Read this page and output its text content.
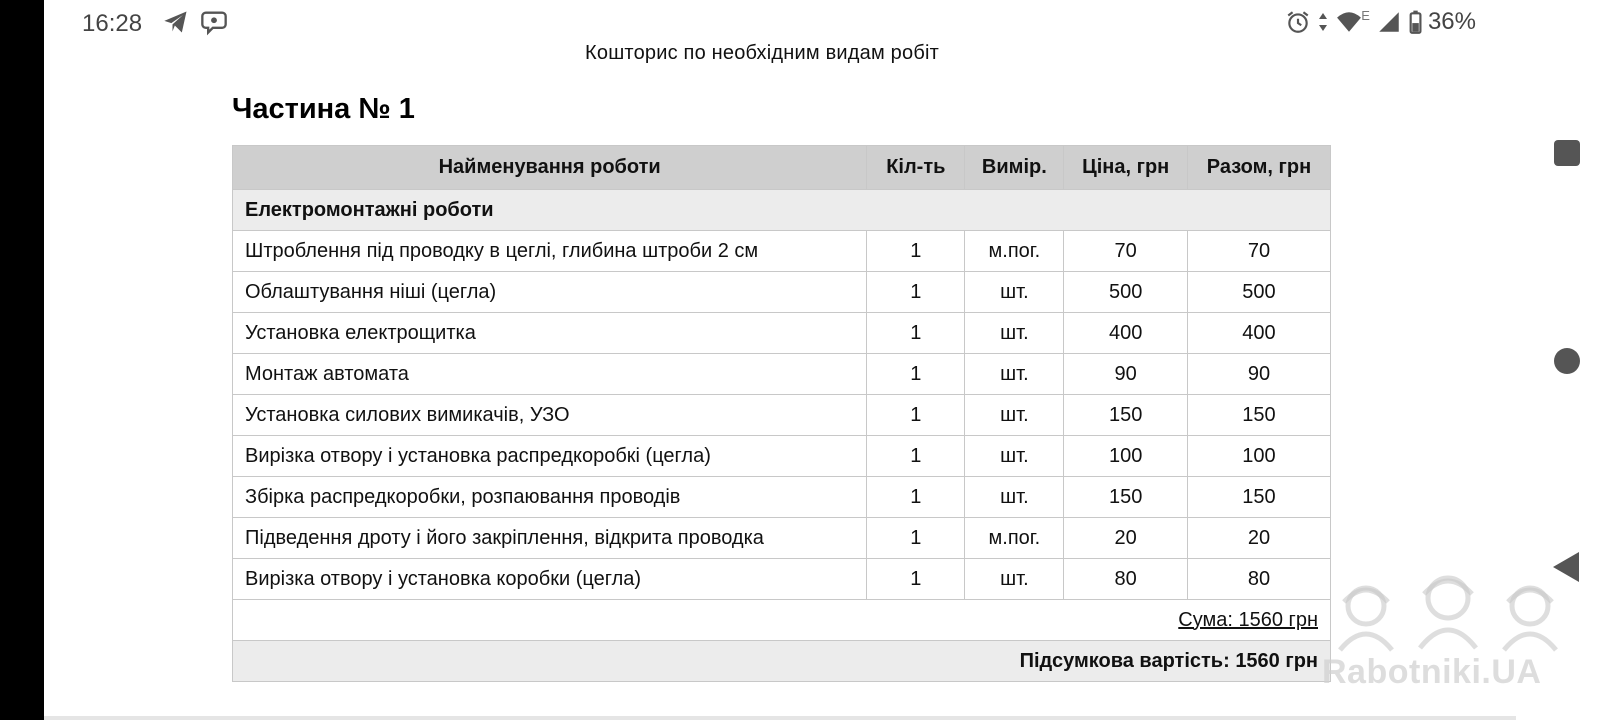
16:28	E 36%
Кошторис по необхідним видам робіт
Частина № 1
Найменування роботи	Кіл-ть	Вимір.	Ціна, грн	Разом, грн
Електромонтажні роботи				
Штроблення під проводку в цеглі, глибина штроби 2 см	1	м.пог.	70	70
Облаштування ніші (цегла)	1	шт.	500	500
Установка електрощитка	1	шт.	400	400
Монтаж автомата	1	шт.	90	90
Установка силових вимикачів, УЗО	1	шт.	150	150
Вирізка отвору і установка распредкоробкі (цегла)	1	шт.	100	100
Збірка распредкоробки, розпаювання проводів	1	шт.	150	150
Підведення дроту і його закріплення, відкрита проводка	1	м.пог.	20	20
Вирізка отвору і установка коробки (цегла)	1	шт.	80	80
Сума: 1560 грн				
Підсумкова вартість: 1560 грн				Rabotniki.UA
